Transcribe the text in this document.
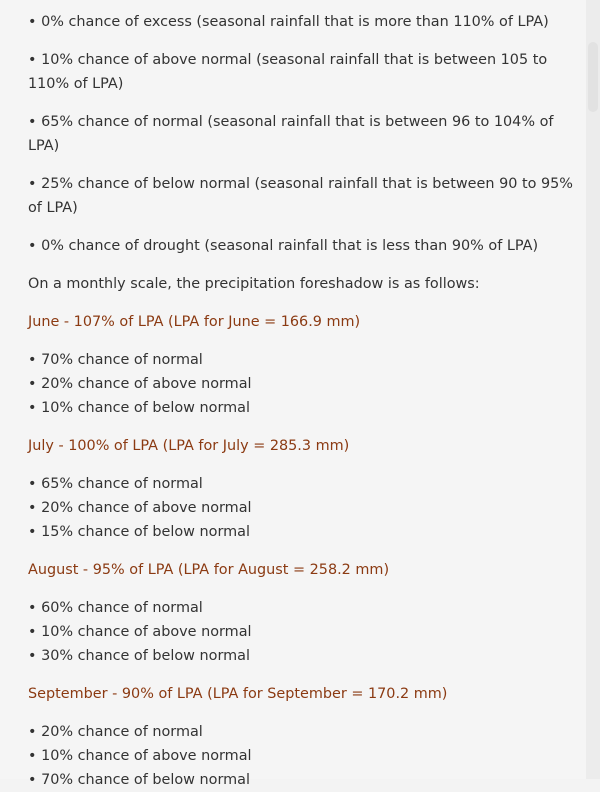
• 0% chance of excess (seasonal rainfall that is more than 110% of LPA)

• 10% chance of above normal (seasonal rainfall that is between 105 to 110% of LPA)

• 65% chance of normal (seasonal rainfall that is between 96 to 104% of LPA)

• 25% chance of below normal (seasonal rainfall that is between 90 to 95% of LPA)

• 0% chance of drought (seasonal rainfall that is less than 90% of LPA)

On a monthly scale, the precipitation foreshadow is as follows:

June - 107% of LPA (LPA for June = 166.9 mm)

• 70% chance of normal

• 20% chance of above normal

• 10% chance of below normal

July - 100% of LPA (LPA for July = 285.3 mm)

• 65% chance of normal

• 20% chance of above normal

• 15% chance of below normal

August - 95% of LPA (LPA for August = 258.2 mm)

• 60% chance of normal

• 10% chance of above normal

• 30% chance of below normal

September - 90% of LPA (LPA for September = 170.2 mm)

• 20% chance of normal

• 10% chance of above normal

• 70% chance of below normal
